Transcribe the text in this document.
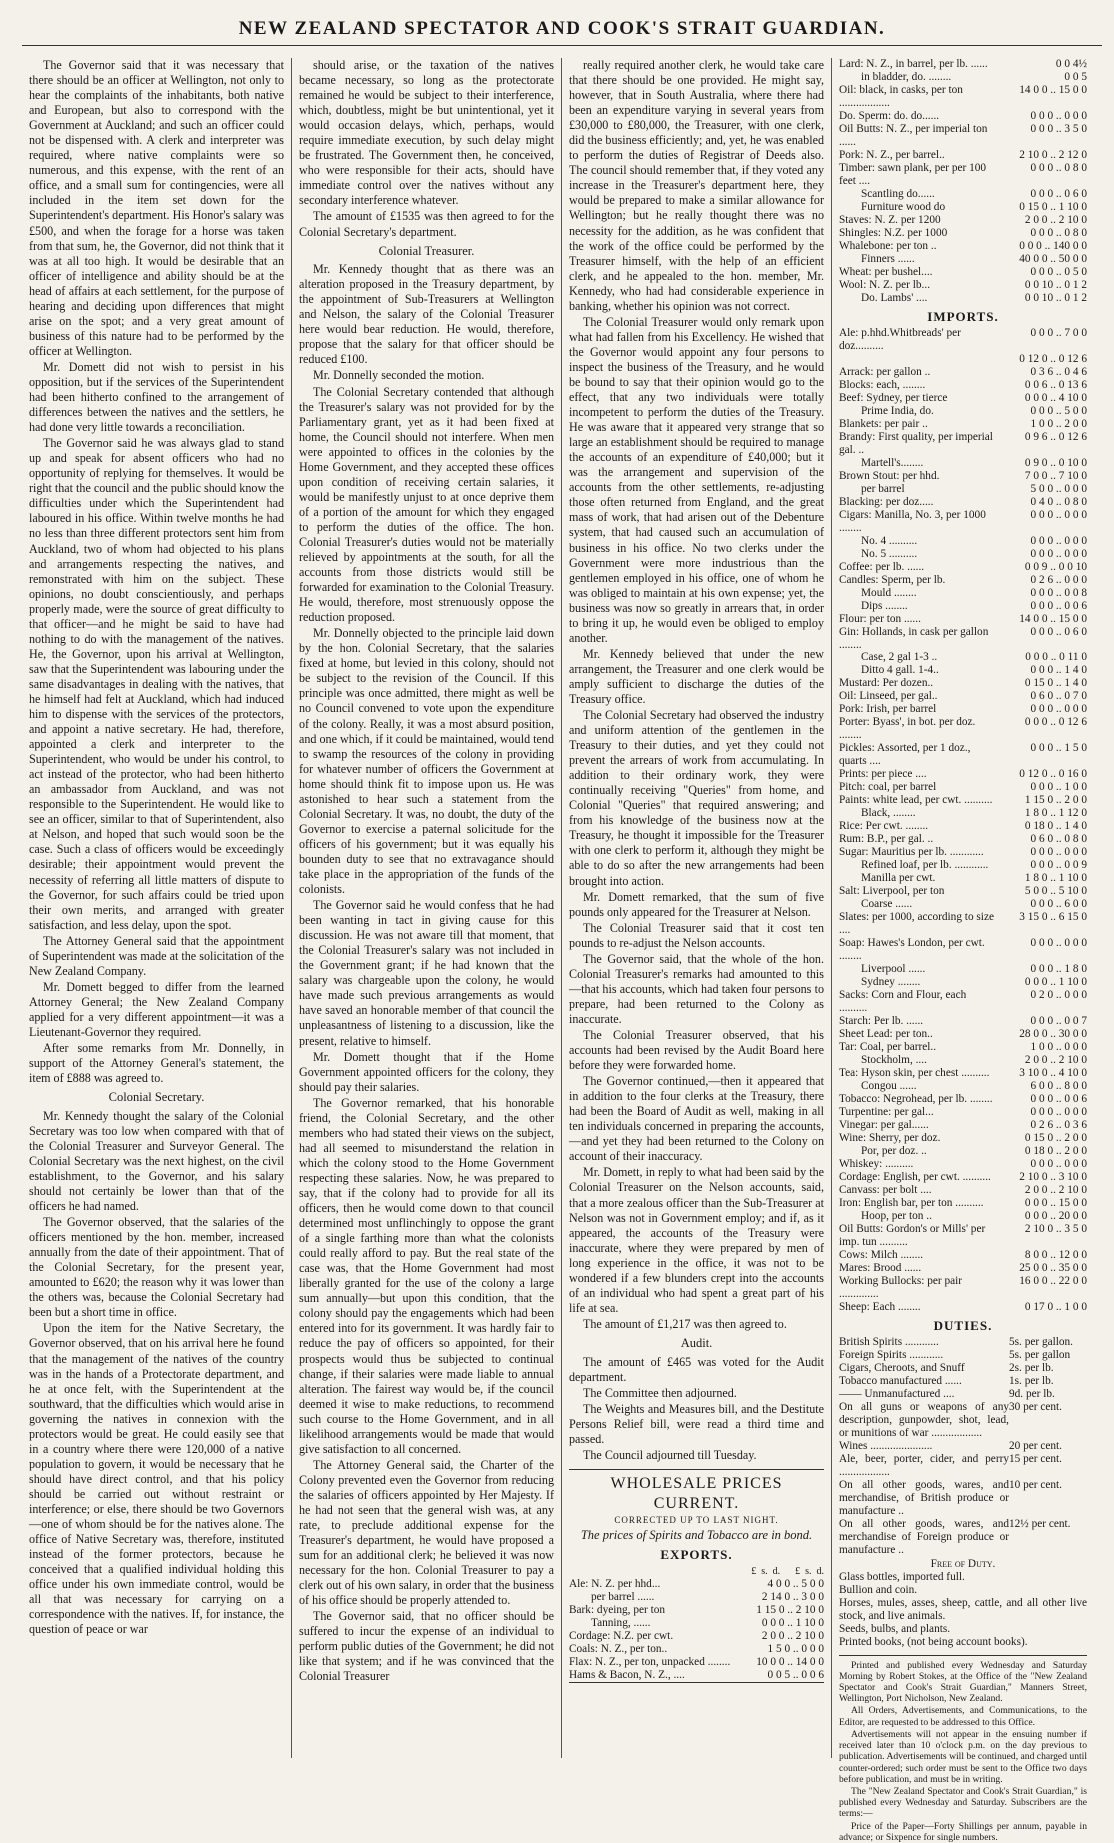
NEW ZEALAND SPECTATOR AND COOK'S STRAIT GUARDIAN.

The Governor said that it was necessary that there should be an officer at Wellington, not only to hear the complaints of the inhabitants, both native and European, but also to correspond with the Government at Auckland; and such an officer could not be dispensed with. A clerk and interpreter was required, where native complaints were so numerous, and this expense, with the rent of an office, and a small sum for contingencies, were all included in the item set down for the Superintendent's department. His Honor's salary was £500, and when the forage for a horse was taken from that sum, he, the Governor, did not think that it was at all too high. It would be desirable that an officer of intelligence and ability should be at the head of affairs at each settlement, for the purpose of hearing and deciding upon differences that might arise on the spot; and a very great amount of business of this nature had to be performed by the officer at Wellington.

Mr. Domett did not wish to persist in his opposition, but if the services of the Superintendent had been hitherto confined to the arrangement of differences between the natives and the settlers, he had done very little towards a reconciliation.

The Governor said he was always glad to stand up and speak for absent officers who had no opportunity of replying for themselves. It would be right that the council and the public should know the difficulties under which the Superintendent had laboured in his office. Within twelve months he had no less than three different protectors sent him from Auckland, two of whom had objected to his plans and arrangements respecting the natives, and remonstrated with him on the subject. These opinions, no doubt conscientiously, and perhaps properly made, were the source of great difficulty to that officer—and he might be said to have had nothing to do with the management of the natives. He, the Governor, upon his arrival at Wellington, saw that the Superintendent was labouring under the same disadvantages in dealing with the natives, that he himself had felt at Auckland, which had induced him to dispense with the services of the protectors, and appoint a native secretary. He had, therefore, appointed a clerk and interpreter to the Superintendent, who would be under his control, to act instead of the protector, who had been hitherto an ambassador from Auckland, and was not responsible to the Superintendent. He would like to see an officer, similar to that of Superintendent, also at Nelson, and hoped that such would soon be the case. Such a class of officers would be exceedingly desirable; their appointment would prevent the necessity of referring all little matters of dispute to the Governor, for such affairs could be tried upon their own merits, and arranged with greater satisfaction, and less delay, upon the spot.

The Attorney General said that the appointment of Superintendent was made at the solicitation of the New Zealand Company.

Mr. Domett begged to differ from the learned Attorney General; the New Zealand Company applied for a very different appointment—it was a Lieutenant-Governor they required.

After some remarks from Mr. Donnelly, in support of the Attorney General's statement, the item of £888 was agreed to.

Colonial Secretary.

Mr. Kennedy thought the salary of the Colonial Secretary was too low when compared with that of the Colonial Treasurer and Surveyor General. The Colonial Secretary was the next highest, on the civil establishment, to the Governor, and his salary should not certainly be lower than that of the officers he had named.

The Governor observed, that the salaries of the officers mentioned by the hon. member, increased annually from the date of their appointment. That of the Colonial Secretary, for the present year, amounted to £620; the reason why it was lower than the others was, because the Colonial Secretary had been but a short time in office.

Upon the item for the Native Secretary, the Governor observed, that on his arrival here he found that the management of the natives of the country was in the hands of a Protectorate department, and he at once felt, with the Superintendent at the southward, that the difficulties which would arise in governing the natives in connexion with the protectors would be great. He could easily see that in a country where there were 120,000 of a native population to govern, it would be necessary that he should have direct control, and that his policy should be carried out without restraint or interference; or else, there should be two Governors—one of whom should be for the natives alone. The office of Native Secretary was, therefore, instituted instead of the former protectors, because he conceived that a qualified individual holding this office under his own immediate control, would be all that was necessary for carrying on a correspondence with the natives. If, for instance, the question of peace or war

should arise, or the taxation of the natives became necessary, so long as the protectorate remained he would be subject to their interference, which, doubtless, might be but unintentional, yet it would occasion delays, which, perhaps, would require immediate execution, by such delay might be frustrated. The Government then, he conceived, who were responsible for their acts, should have immediate control over the natives without any secondary interference whatever.

The amount of £1535 was then agreed to for the Colonial Secretary's department.

Colonial Treasurer.

Mr. Kennedy thought that as there was an alteration proposed in the Treasury department, by the appointment of Sub-Treasurers at Wellington and Nelson, the salary of the Colonial Treasurer here would bear reduction. He would, therefore, propose that the salary for that officer should be reduced £100.

Mr. Donnelly seconded the motion.

The Colonial Secretary contended that although the Treasurer's salary was not provided for by the Parliamentary grant, yet as it had been fixed at home, the Council should not interfere. When men were appointed to offices in the colonies by the Home Government, and they accepted these offices upon condition of receiving certain salaries, it would be manifestly unjust to at once deprive them of a portion of the amount for which they engaged to perform the duties of the office. The hon. Colonial Treasurer's duties would not be materially relieved by appointments at the south, for all the accounts from those districts would still be forwarded for examination to the Colonial Treasury. He would, therefore, most strenuously oppose the reduction proposed.

Mr. Donnelly objected to the principle laid down by the hon. Colonial Secretary, that the salaries fixed at home, but levied in this colony, should not be subject to the revision of the Council. If this principle was once admitted, there might as well be no Council convened to vote upon the expenditure of the colony. Really, it was a most absurd position, and one which, if it could be maintained, would tend to swamp the resources of the colony in providing for whatever number of officers the Government at home should think fit to impose upon us. He was astonished to hear such a statement from the Colonial Secretary. It was, no doubt, the duty of the Governor to exercise a paternal solicitude for the officers of his government; but it was equally his bounden duty to see that no extravagance should take place in the appropriation of the funds of the colonists.

The Governor said he would confess that he had been wanting in tact in giving cause for this discussion. He was not aware till that moment, that the Colonial Treasurer's salary was not included in the Government grant; if he had known that the salary was chargeable upon the colony, he would have made such previous arrangements as would have saved an honorable member of that council the unpleasantness of listening to a discussion, like the present, relative to himself.

Mr. Domett thought that if the Home Government appointed officers for the colony, they should pay their salaries.

The Governor remarked, that his honorable friend, the Colonial Secretary, and the other members who had stated their views on the subject, had all seemed to misunderstand the relation in which the colony stood to the Home Government respecting these salaries. Now, he was prepared to say, that if the colony had to provide for all its officers, then he would come down to that council determined most unflinchingly to oppose the grant of a single farthing more than what the colonists could really afford to pay. But the real state of the case was, that the Home Government had most liberally granted for the use of the colony a large sum annually—but upon this condition, that the colony should pay the engagements which had been entered into for its government. It was hardly fair to reduce the pay of officers so appointed, for their prospects would thus be subjected to continual change, if their salaries were made liable to annual alteration. The fairest way would be, if the council deemed it wise to make reductions, to recommend such course to the Home Government, and in all likelihood arrangements would be made that would give satisfaction to all concerned.

The Attorney General said, the Charter of the Colony prevented even the Governor from reducing the salaries of officers appointed by Her Majesty. If he had not seen that the general wish was, at any rate, to preclude additional expense for the Treasurer's department, he would have proposed a sum for an additional clerk; he believed it was now necessary for the hon. Colonial Treasurer to pay a clerk out of his own salary, in order that the business of his office should be properly attended to.

The Governor said, that no officer should be suffered to incur the expense of an individual to perform public duties of the Government; he did not like that system; and if he was convinced that the Colonial Treasurer

really required another clerk, he would take care that there should be one provided. He might say, however, that in South Australia, where there had been an expenditure varying in several years from £30,000 to £80,000, the Treasurer, with one clerk, did the business efficiently; and, yet, he was enabled to perform the duties of Registrar of Deeds also. The council should remember that, if they voted any increase in the Treasurer's department here, they would be prepared to make a similar allowance for Wellington; but he really thought there was no necessity for the addition, as he was confident that the work of the office could be performed by the Treasurer himself, with the help of an efficient clerk, and he appealed to the hon. member, Mr. Kennedy, who had had considerable experience in banking, whether his opinion was not correct.

The Colonial Treasurer would only remark upon what had fallen from his Excellency. He wished that the Governor would appoint any four persons to inspect the business of the Treasury, and he would be bound to say that their opinion would go to the effect, that any two individuals were totally incompetent to perform the duties of the Treasury. He was aware that it appeared very strange that so large an establishment should be required to manage the accounts of an expenditure of £40,000; but it was the arrangement and supervision of the accounts from the other settlements, re-adjusting those often returned from England, and the great mass of work, that had arisen out of the Debenture system, that had caused such an accumulation of business in his office. No two clerks under the Government were more industrious than the gentlemen employed in his office, one of whom he was obliged to maintain at his own expense; yet, the business was now so greatly in arrears that, in order to bring it up, he would even be obliged to employ another.

Mr. Kennedy believed that under the new arrangement, the Treasurer and one clerk would be amply sufficient to discharge the duties of the Treasury office.

The Colonial Secretary had observed the industry and uniform attention of the gentlemen in the Treasury to their duties, and yet they could not prevent the arrears of work from accumulating. In addition to their ordinary work, they were continually receiving "Queries" from home, and Colonial "Queries" that required answering; and from his knowledge of the business now at the Treasury, he thought it impossible for the Treasurer with one clerk to perform it, although they might be able to do so after the new arrangements had been brought into action.

Mr. Domett remarked, that the sum of five pounds only appeared for the Treasurer at Nelson.

The Colonial Treasurer said that it cost ten pounds to re-adjust the Nelson accounts.

The Governor said, that the whole of the hon. Colonial Treasurer's remarks had amounted to this—that his accounts, which had taken four persons to prepare, had been returned to the Colony as inaccurate.

The Colonial Treasurer observed, that his accounts had been revised by the Audit Board here before they were forwarded home.

The Governor continued,—then it appeared that in addition to the four clerks at the Treasury, there had been the Board of Audit as well, making in all ten individuals concerned in preparing the accounts,—and yet they had been returned to the Colony on account of their inaccuracy.

Mr. Domett, in reply to what had been said by the Colonial Treasurer on the Nelson accounts, said, that a more zealous officer than the Sub-Treasurer at Nelson was not in Government employ; and if, as it appeared, the accounts of the Treasury were inaccurate, where they were prepared by men of long experience in the office, it was not to be wondered if a few blunders crept into the accounts of an individual who had spent a great part of his life at sea.

The amount of £1,217 was then agreed to.

Audit.

The amount of £465 was voted for the Audit department.

The Committee then adjourned.

The Weights and Measures bill, and the Destitute Persons Relief bill, were read a third time and passed.

The Council adjourned till Tuesday.

WHOLESALE PRICES CURRENT.
CORRECTED UP TO LAST NIGHT.
The prices of Spirits and Tobacco are in bond.
EXPORTS.
£  s.  d.      £  s.  d.
Ale: N. Z. per hhd...	4 0 0 .. 5 0 0
per barrel ......	2 14 0 .. 3 0 0
Bark: dyeing, per ton	1 15 0 .. 2 10 0
Tanning, ......	0 0 0 .. 1 10 0
Cordage: N.Z. per cwt.	2 0 0 .. 2 10 0
Coals: N. Z., per ton..	1 5 0 .. 0 0 0
Flax: N. Z., per ton, unpacked ........	10 0 0 .. 14 0 0
Hams & Bacon, N. Z., ....	0 0 5 .. 0 0 6
Lard: N. Z., in barrel, per lb. ......	0 0 4½
in bladder, do. ........	0 0 5
Oil: black, in casks, per ton ..................	14 0 0 .. 15 0 0
Do. Sperm: do. do......	0 0 0 .. 0 0 0
Oil Butts: N. Z., per imperial ton ......	0 0 0 .. 3 5 0
Pork: N. Z., per barrel..	2 10 0 .. 2 12 0
Timber: sawn plank, per per 100 feet ....	0 0 0 .. 0 8 0
Scantling do......	0 0 0 .. 0 6 0
Furniture wood do	0 15 0 .. 1 10 0
Staves: N. Z. per 1200	2 0 0 .. 2 10 0
Shingles: N.Z. per 1000	0 0 0 .. 0 8 0
Whalebone: per ton ..	0 0 0 .. 140 0 0
Finners ......	40 0 0 .. 50 0 0
Wheat: per bushel....	0 0 0 .. 0 5 0
Wool: N. Z. per lb...	0 0 10 .. 0 1 2
Do. Lambs' ....	0 0 10 .. 0 1 2
IMPORTS.
Ale: p.hhd.Whitbreads' per doz..........	0 0 0 .. 7 0 0
	0 12 0 .. 0 12 6
Arrack: per gallon ..	0 3 6 .. 0 4 6
Blocks: each, ........	0 0 6 .. 0 13 6
Beef: Sydney, per tierce	0 0 0 .. 4 10 0
Prime India, do.	0 0 0 .. 5 0 0
Blankets: per pair ..	1 0 0 .. 2 0 0
Brandy: First quality, per imperial gal. ..	0 9 6 .. 0 12 6
Martell's........	0 9 0 .. 0 10 0
Brown Stout: per hhd.	7 0 0 .. 7 10 0
per barrel	5 0 0 .. 0 0 0
Blacking: per doz.....	0 4 0 .. 0 8 0
Cigars: Manilla, No. 3, per 1000 ........	0 0 0 .. 0 0 0
No. 4 ..........	0 0 0 .. 0 0 0
No. 5 ..........	0 0 0 .. 0 0 0
Coffee: per lb. ......	0 0 9 .. 0 0 10
Candles: Sperm, per lb.	0 2 6 .. 0 0 0
Mould ........	0 0 0 .. 0 0 8
Dips ........	0 0 0 .. 0 0 6
Flour: per ton ......	14 0 0 .. 15 0 0
Gin: Hollands, in cask per gallon ........	0 0 0 .. 0 6 0
Case, 2 gal 1-3 ..	0 0 0 .. 0 11 0
Ditto 4 gall. 1-4..	0 0 0 .. 1 4 0
Mustard: Per dozen..	0 15 0 .. 1 4 0
Oil: Linseed, per gal..	0 6 0 .. 0 7 0
Pork: Irish, per barrel	0 0 0 .. 0 0 0
Porter: Byass', in bot. per doz. ........	0 0 0 .. 0 12 6
Pickles: Assorted, per 1 doz., quarts ....	0 0 0 .. 1 5 0
Prints: per piece ....	0 12 0 .. 0 16 0
Pitch: coal, per barrel	0 0 0 .. 1 0 0
Paints: white lead, per cwt. ..........	1 15 0 .. 2 0 0
Black, ........	1 8 0 .. 1 12 0
Rice: Per cwt. ........	0 18 0 .. 1 4 0
Rum: B.P., per gal. ..	0 6 0 .. 0 8 0
Sugar: Mauritius per lb. ............	0 0 0 .. 0 0 0
Refined loaf, per lb. ............	0 0 0 .. 0 0 9
Manilla per cwt.	1 8 0 .. 1 10 0
Salt: Liverpool, per ton	5 0 0 .. 5 10 0
Coarse ......	0 0 0 .. 6 0 0
Slates: per 1000, according to size ....	3 15 0 .. 6 15 0
Soap: Hawes's London, per cwt. ........	0 0 0 .. 0 0 0
Liverpool ......	0 0 0 .. 1 8 0
Sydney ........	0 0 0 .. 1 10 0
Sacks: Corn and Flour, each ..........	0 2 0 .. 0 0 0
Starch: Per lb. ......	0 0 0 .. 0 0 7
Sheet Lead: per ton..	28 0 0 .. 30 0 0
Tar: Coal, per barrel..	1 0 0 .. 0 0 0
Stockholm, ....	2 0 0 .. 2 10 0
Tea: Hyson skin, per chest ..........	3 10 0 .. 4 10 0
Congou ......	6 0 0 .. 8 0 0
Tobacco: Negrohead, per lb. ........	0 0 0 .. 0 0 6
Turpentine: per gal...	0 0 0 .. 0 0 0
Vinegar: per gal......	0 2 6 .. 0 3 6
Wine: Sherry, per doz.	0 15 0 .. 2 0 0
Por, per doz. ..	0 18 0 .. 2 0 0
Whiskey: ..........	0 0 0 .. 0 0 0
Cordage: English, per cwt. ..........	2 10 0 .. 3 10 0
Canvass: per bolt ....	2 0 0 .. 2 10 0
Iron: English bar, per ton ..........	0 0 0 .. 15 0 0
Hoop, per ton ..	0 0 0 .. 20 0 0
Oil Butts: Gordon's or Mills' per imp. tun ..........	2 10 0 .. 3 5 0
Cows: Milch ........	8 0 0 .. 12 0 0
Mares: Brood ......	25 0 0 .. 35 0 0
Working Bullocks: per pair ..............	16 0 0 .. 22 0 0
Sheep: Each ........	0 17 0 .. 1 0 0
DUTIES.
British Spirits ............	5s. per gallon.
Foreign Spirits ............	5s. per gallon
Cigars, Cheroots, and Snuff	2s. per lb.
Tobacco manufactured ......	1s. per lb.
—— Unmanufactured ....	9d. per lb.
On all guns or weapons of any description, gunpowder, shot, lead, or munitions of war ..................	30 per cent.
Wines ......................	20 per cent.
Ale, beer, porter, cider, and perry ..................	15 per cent.
On all other goods, wares, and merchandise, of British produce or manufacture ..	10 per cent.
On all other goods, wares, and merchandise of Foreign produce or manufacture ..	12½ per cent.
Free of Duty.
Glass bottles, imported full.
Bullion and coin.
Horses, mules, asses, sheep, cattle, and all other live stock, and live animals.
Seeds, bulbs, and plants.
Printed books, (not being account books).

Printed and published every Wednesday and Saturday Morning by Robert Stokes, at the Office of the "New Zealand Spectator and Cook's Strait Guardian," Manners Street, Wellington, Port Nicholson, New Zealand.

All Orders, Advertisements, and Communications, to the Editor, are requested to be addressed to this Office.

Advertisements will not appear in the ensuing number if received later than 10 o'clock p.m. on the day previous to publication. Advertisements will be continued, and charged until counter-ordered; such order must be sent to the Office two days before publication, and must be in writing.

The "New Zealand Spectator and Cook's Strait Guardian," is published every Wednesday and Saturday. Subscribers are the terms:—

Price of the Paper—Forty Shillings per annum, payable in advance; or Sixpence for single numbers.
